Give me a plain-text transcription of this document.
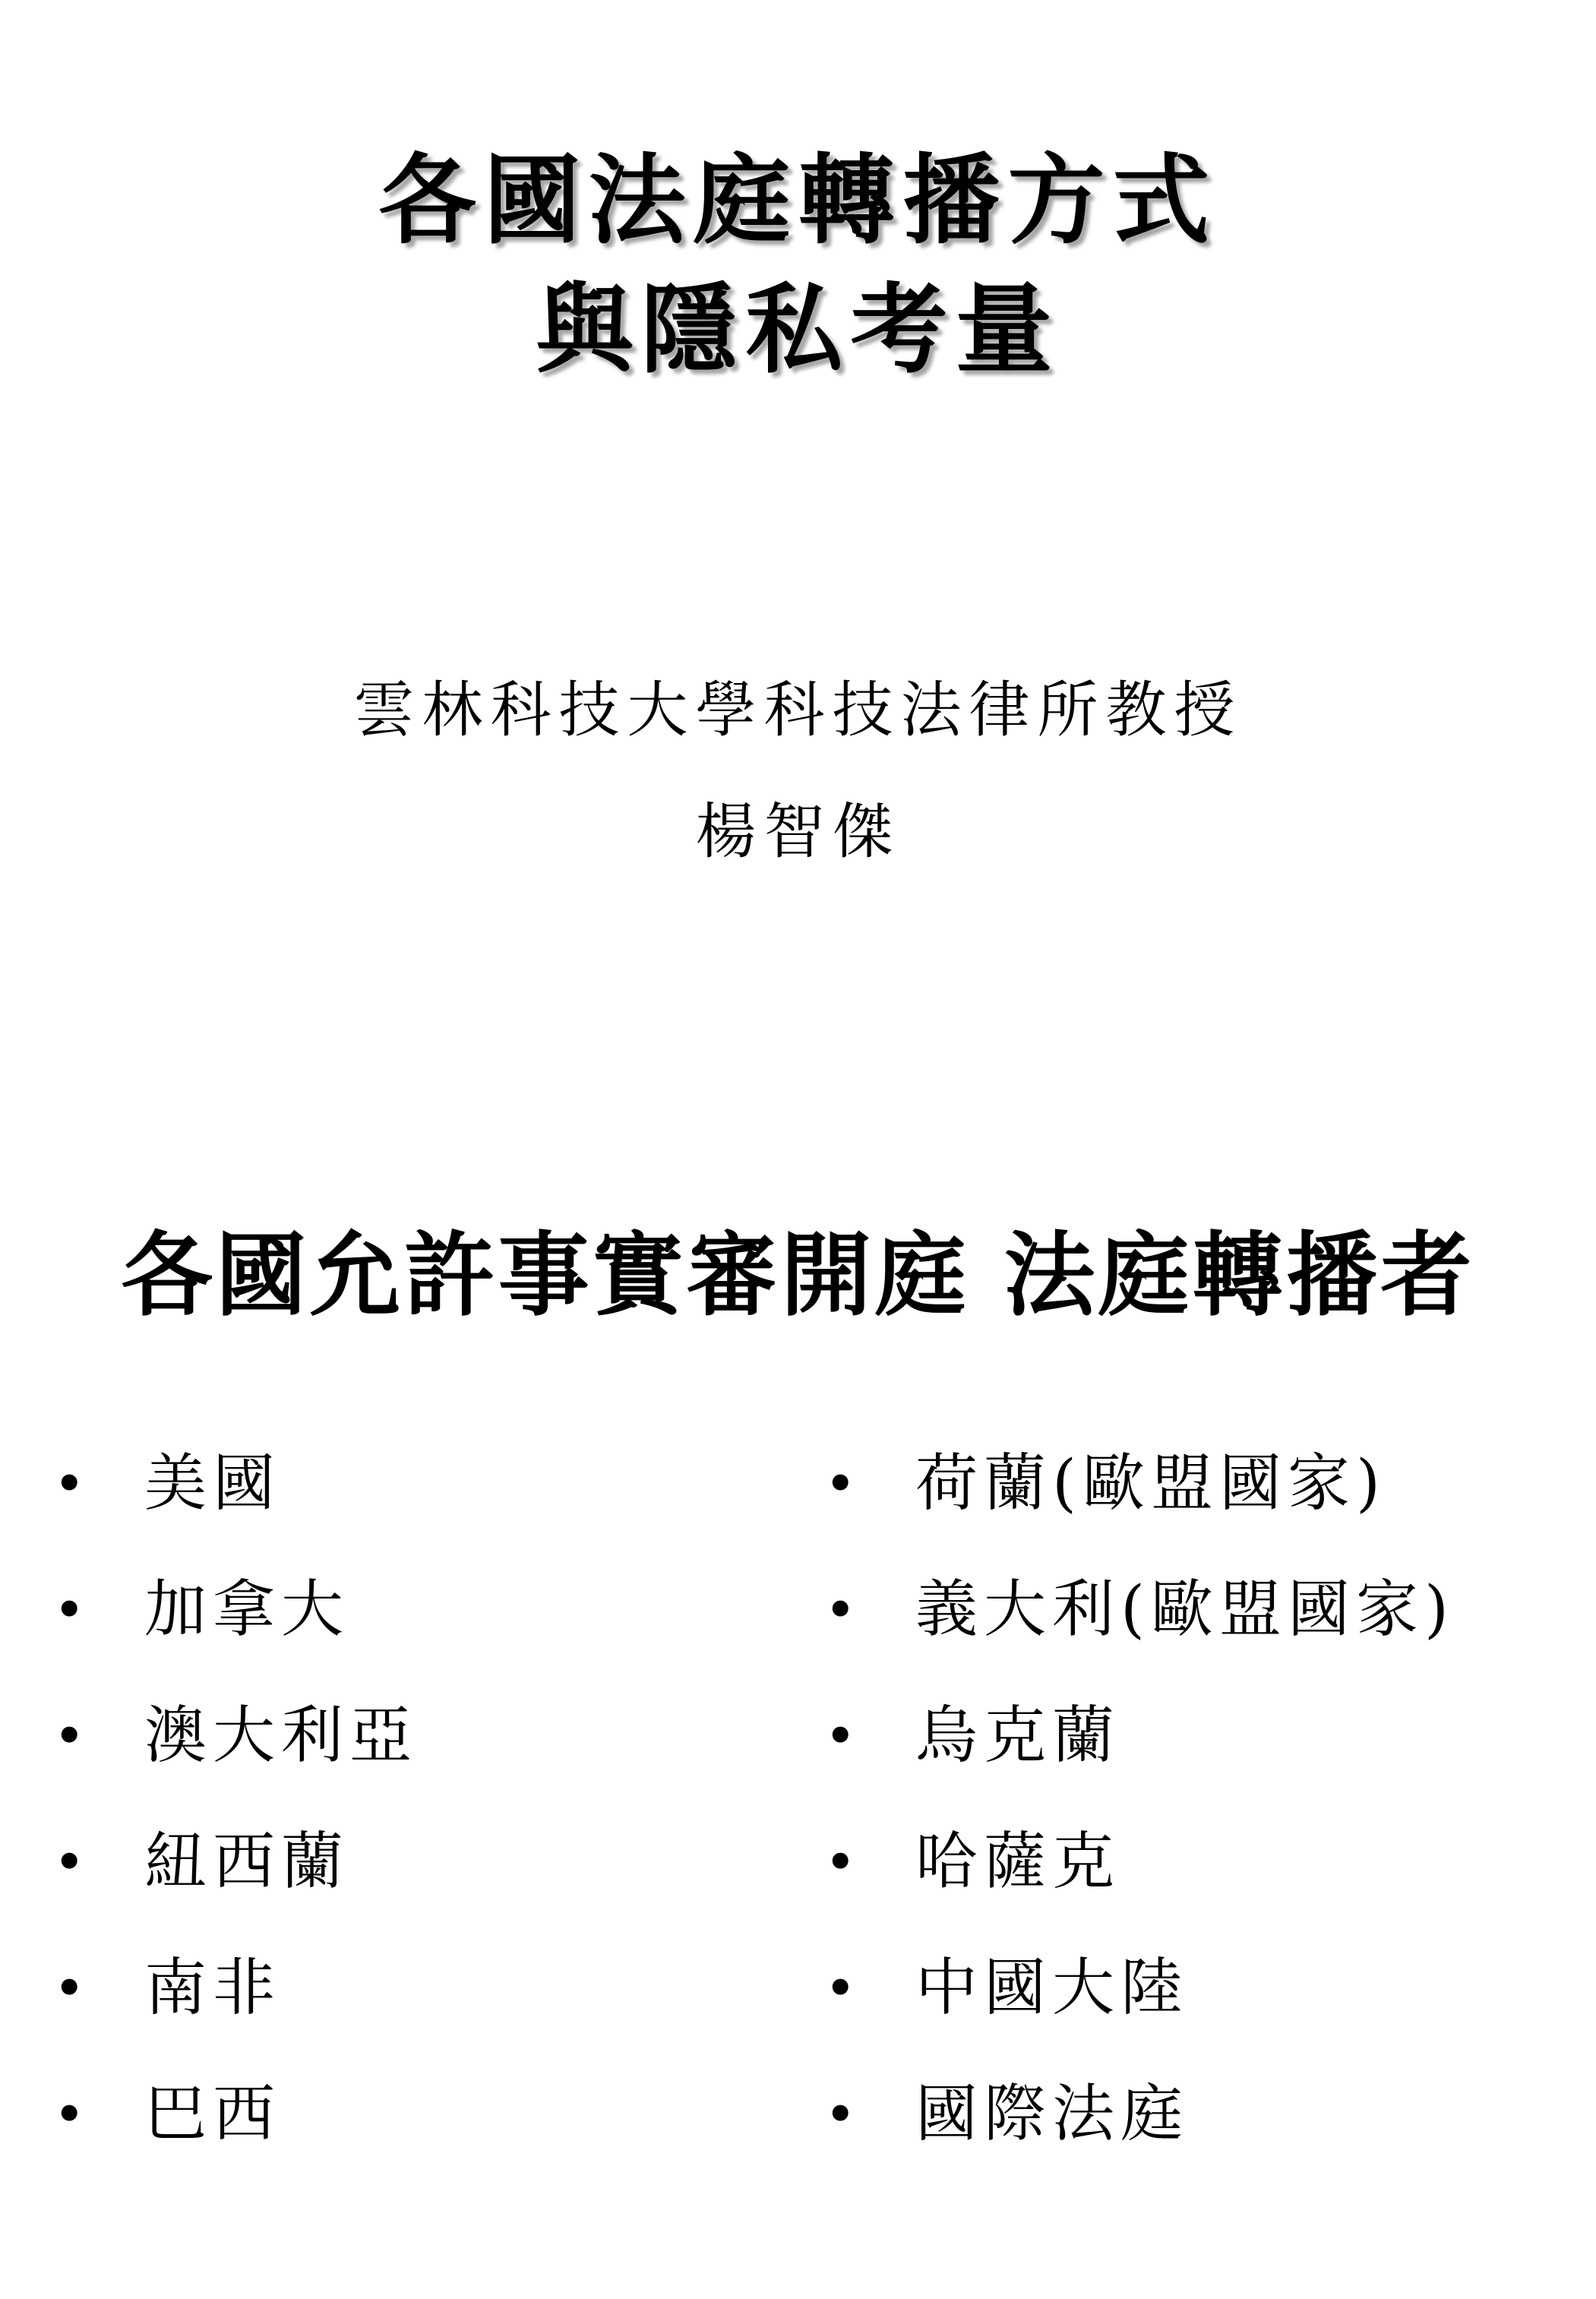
各國法庭轉播方式
與隱私考量
雲林科技大學科技法律所教授
楊智傑
各國允許事實審開庭 法庭轉播者
• 美國
• 加拿大
• 澳大利亞
• 紐西蘭
• 南非
• 巴西
• 荷蘭(歐盟國家)
• 義大利(歐盟國家)
• 烏克蘭
• 哈薩克
• 中國大陸
• 國際法庭
